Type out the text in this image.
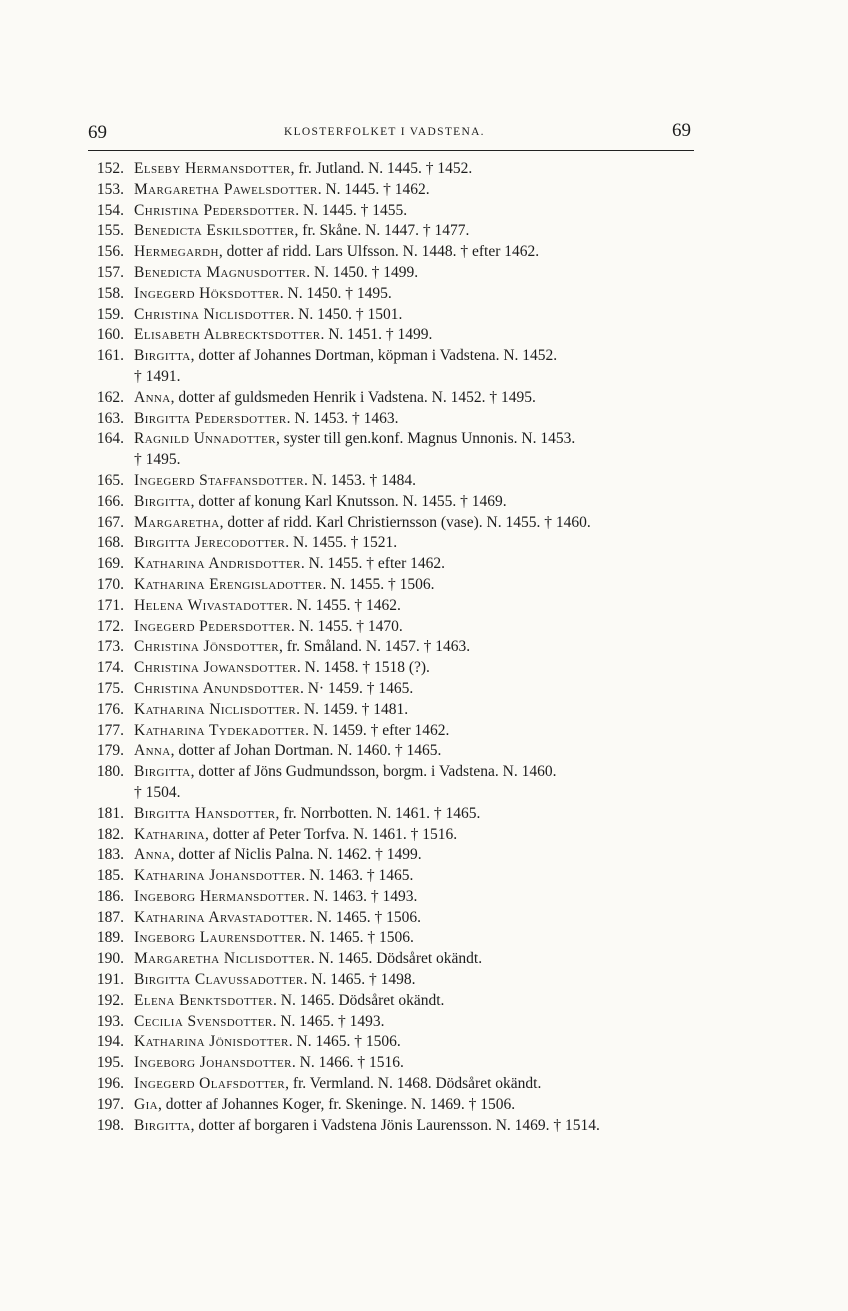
69	KLOSTERFOLKET I VADSTENA.	69
152. Elseby Hermansdotter, fr. Jutland. N. 1445. † 1452.
153. Margaretha Pawelsdotter. N. 1445. † 1462.
154. Christina Pedersdotter. N. 1445. † 1455.
155. Benedicta Eskilsdotter, fr. Skåne. N. 1447. † 1477.
156. Hermegardh, dotter af ridd. Lars Ulfsson. N. 1448. † efter 1462.
157. Benedicta Magnusdotter. N. 1450. † 1499.
158. Ingegerd Höksdotter. N. 1450. † 1495.
159. Christina Niclisdotter. N. 1450. † 1501.
160. Elisabeth Albrecktsdotter. N. 1451. † 1499.
161. Birgitta, dotter af Johannes Dortman, köpman i Vadstena. N. 1452.
† 1491.
162. Anna, dotter af guldsmeden Henrik i Vadstena. N. 1452. † 1495.
163. Birgitta Pedersdotter. N. 1453. † 1463.
164. Ragnild Unnadotter, syster till gen.konf. Magnus Unnonis. N. 1453.
† 1495.
165. Ingegerd Staffansdotter. N. 1453. † 1484.
166. Birgitta, dotter af konung Karl Knutsson. N. 1455. † 1469.
167. Margaretha, dotter af ridd. Karl Christiernsson (vase). N. 1455. † 1460.
168. Birgitta Jerecodotter. N. 1455. † 1521.
169. Katharina Andrisdotter. N. 1455. † efter 1462.
170. Katharina Erengisladotter. N. 1455. † 1506.
171. Helena Wivastadotter. N. 1455. † 1462.
172. Ingegerd Pedersdotter. N. 1455. † 1470.
173. Christina Jönsdotter, fr. Småland. N. 1457. † 1463.
174. Christina Jowansdotter. N. 1458. † 1518 (?).
175. Christina Anundsdotter. N· 1459. † 1465.
176. Katharina Niclisdotter. N. 1459. † 1481.
177. Katharina Tydekadotter. N. 1459. † efter 1462.
179. Anna, dotter af Johan Dortman. N. 1460. † 1465.
180. Birgitta, dotter af Jöns Gudmundsson, borgm. i Vadstena. N. 1460.
† 1504.
181. Birgitta Hansdotter, fr. Norrbotten. N. 1461. † 1465.
182. Katharina, dotter af Peter Torfva. N. 1461. † 1516.
183. Anna, dotter af Niclis Palna. N. 1462. † 1499.
185. Katharina Johansdotter. N. 1463. † 1465.
186. Ingeborg Hermansdotter. N. 1463. † 1493.
187. Katharina Arvastadotter. N. 1465. † 1506.
189. Ingeborg Laurensdotter. N. 1465. † 1506.
190. Margaretha Niclisdotter. N. 1465. Dödsåret okändt.
191. Birgitta Clavussadotter. N. 1465. † 1498.
192. Elena Benktsdotter. N. 1465. Dödsåret okändt.
193. Cecilia Svensdotter. N. 1465. † 1493.
194. Katharina Jönisdotter. N. 1465. † 1506.
195. Ingeborg Johansdotter. N. 1466. † 1516.
196. Ingegerd Olafsdotter, fr. Vermland. N. 1468. Dödsåret okändt.
197. Gia, dotter af Johannes Koger, fr. Skeninge. N. 1469. † 1506.
198. Birgitta, dotter af borgaren i Vadstena Jönis Laurensson. N. 1469. † 1514.
